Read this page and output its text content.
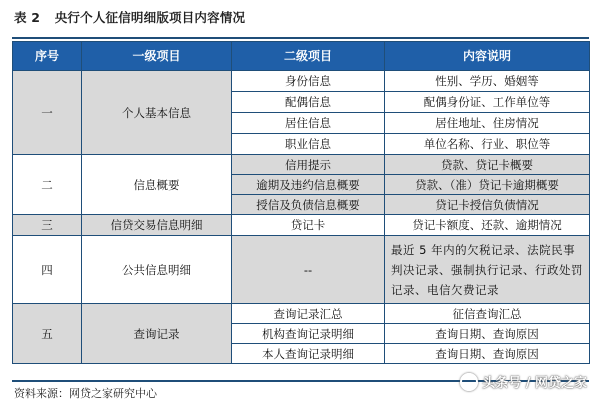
表 2 央行个人征信明细版项目内容情况
序号	一级项目	二级项目	内容说明
一	个人基本信息	身份信息	性别、学历、婚姻等
		配偶信息	配偶身份证、工作单位等
		居住信息	居住地址、住房情况
		职业信息	单位名称、行业、职位等
二	信息概要	信用提示	贷款、贷记卡概要
		逾期及违约信息概要	贷款、（准）贷记卡逾期概要
		授信及负债信息概要	贷记卡授信负债情况
三	信贷交易信息明细	贷记卡	贷记卡额度、还款、逾期情况
四	公共信息明细	--	最近 5 年内的欠税记录、法院民事判决记录、强制执行记录、行政处罚记录、电信欠费记录
五	查询记录	查询记录汇总	征信查询汇总
		机构查询记录明细	查询日期、查询原因
		本人查询记录明细	查询日期、查询原因
资料来源：网贷之家研究中心
头条号 / 网贷之家
